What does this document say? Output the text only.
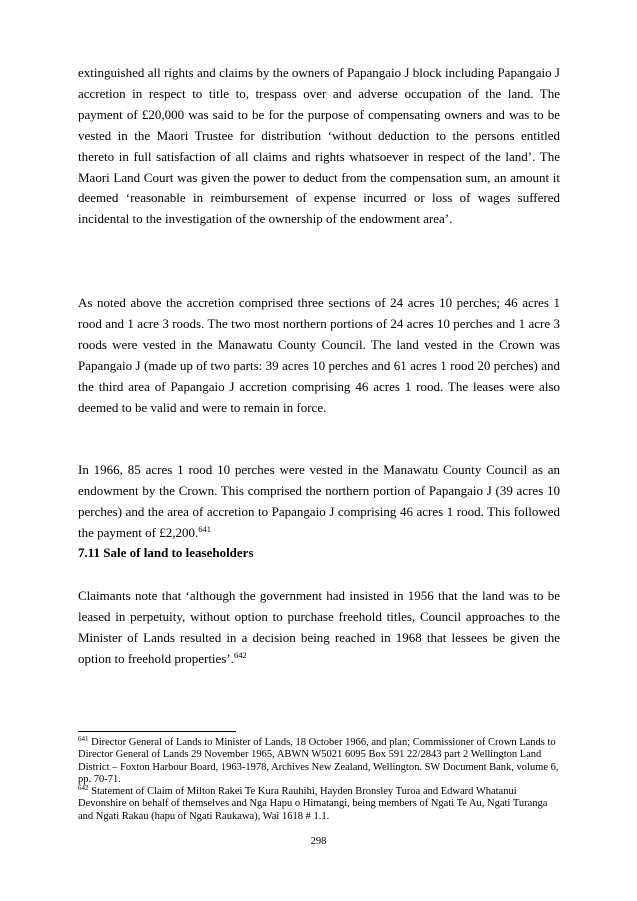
extinguished all rights and claims by the owners of Papangaio J block including Papangaio J accretion in respect to title to, trespass over and adverse occupation of the land. The payment of £20,000 was said to be for the purpose of compensating owners and was to be vested in the Maori Trustee for distribution ‘without deduction to the persons entitled thereto in full satisfaction of all claims and rights whatsoever in respect of the land’. The Maori Land Court was given the power to deduct from the compensation sum, an amount it deemed ‘reasonable in reimbursement of expense incurred or loss of wages suffered incidental to the investigation of the ownership of the endowment area’.

As noted above the accretion comprised three sections of 24 acres 10 perches; 46 acres 1 rood and 1 acre 3 roods. The two most northern portions of 24 acres 10 perches and 1 acre 3 roods were vested in the Manawatu County Council. The land vested in the Crown was Papangaio J (made up of two parts: 39 acres 10 perches and 61 acres 1 rood 20 perches) and the third area of Papangaio J accretion comprising 46 acres 1 rood. The leases were also deemed to be valid and were to remain in force.

In 1966, 85 acres 1 rood 10 perches were vested in the Manawatu County Council as an endowment by the Crown. This comprised the northern portion of Papangaio J (39 acres 10 perches) and the area of accretion to Papangaio J comprising 46 acres 1 rood. This followed the payment of £2,200.$^{641}$

7.11 Sale of land to leaseholders

Claimants note that ‘although the government had insisted in 1956 that the land was to be leased in perpetuity, without option to purchase freehold titles, Council approaches to the Minister of Lands resulted in a decision being reached in 1968 that lessees be given the option to freehold properties’.$^{642}$

$^{641}$ Director General of Lands to Minister of Lands, 18 October 1966, and plan; Commissioner of Crown Lands to Director General of Lands 29 November 1965, ABWN W5021 6095 Box 591 22/2843 part 2 Wellington Land District – Foxton Harbour Board, 1963-1978, Archives New Zealand, Wellington. SW Document Bank, volume 6, pp. 70-71.
$^{642}$ Statement of Claim of Milton Rakei Te Kura Rauhihi, Hayden Bronsley Turoa and Edward Whatanui Devonshire on behalf of themselves and Nga Hapu o Himatangi, being members of Ngati Te Au, Ngati Turanga and Ngati Rakau (hapu of Ngati Raukawa), Wai 1618 # 1.1.
298
